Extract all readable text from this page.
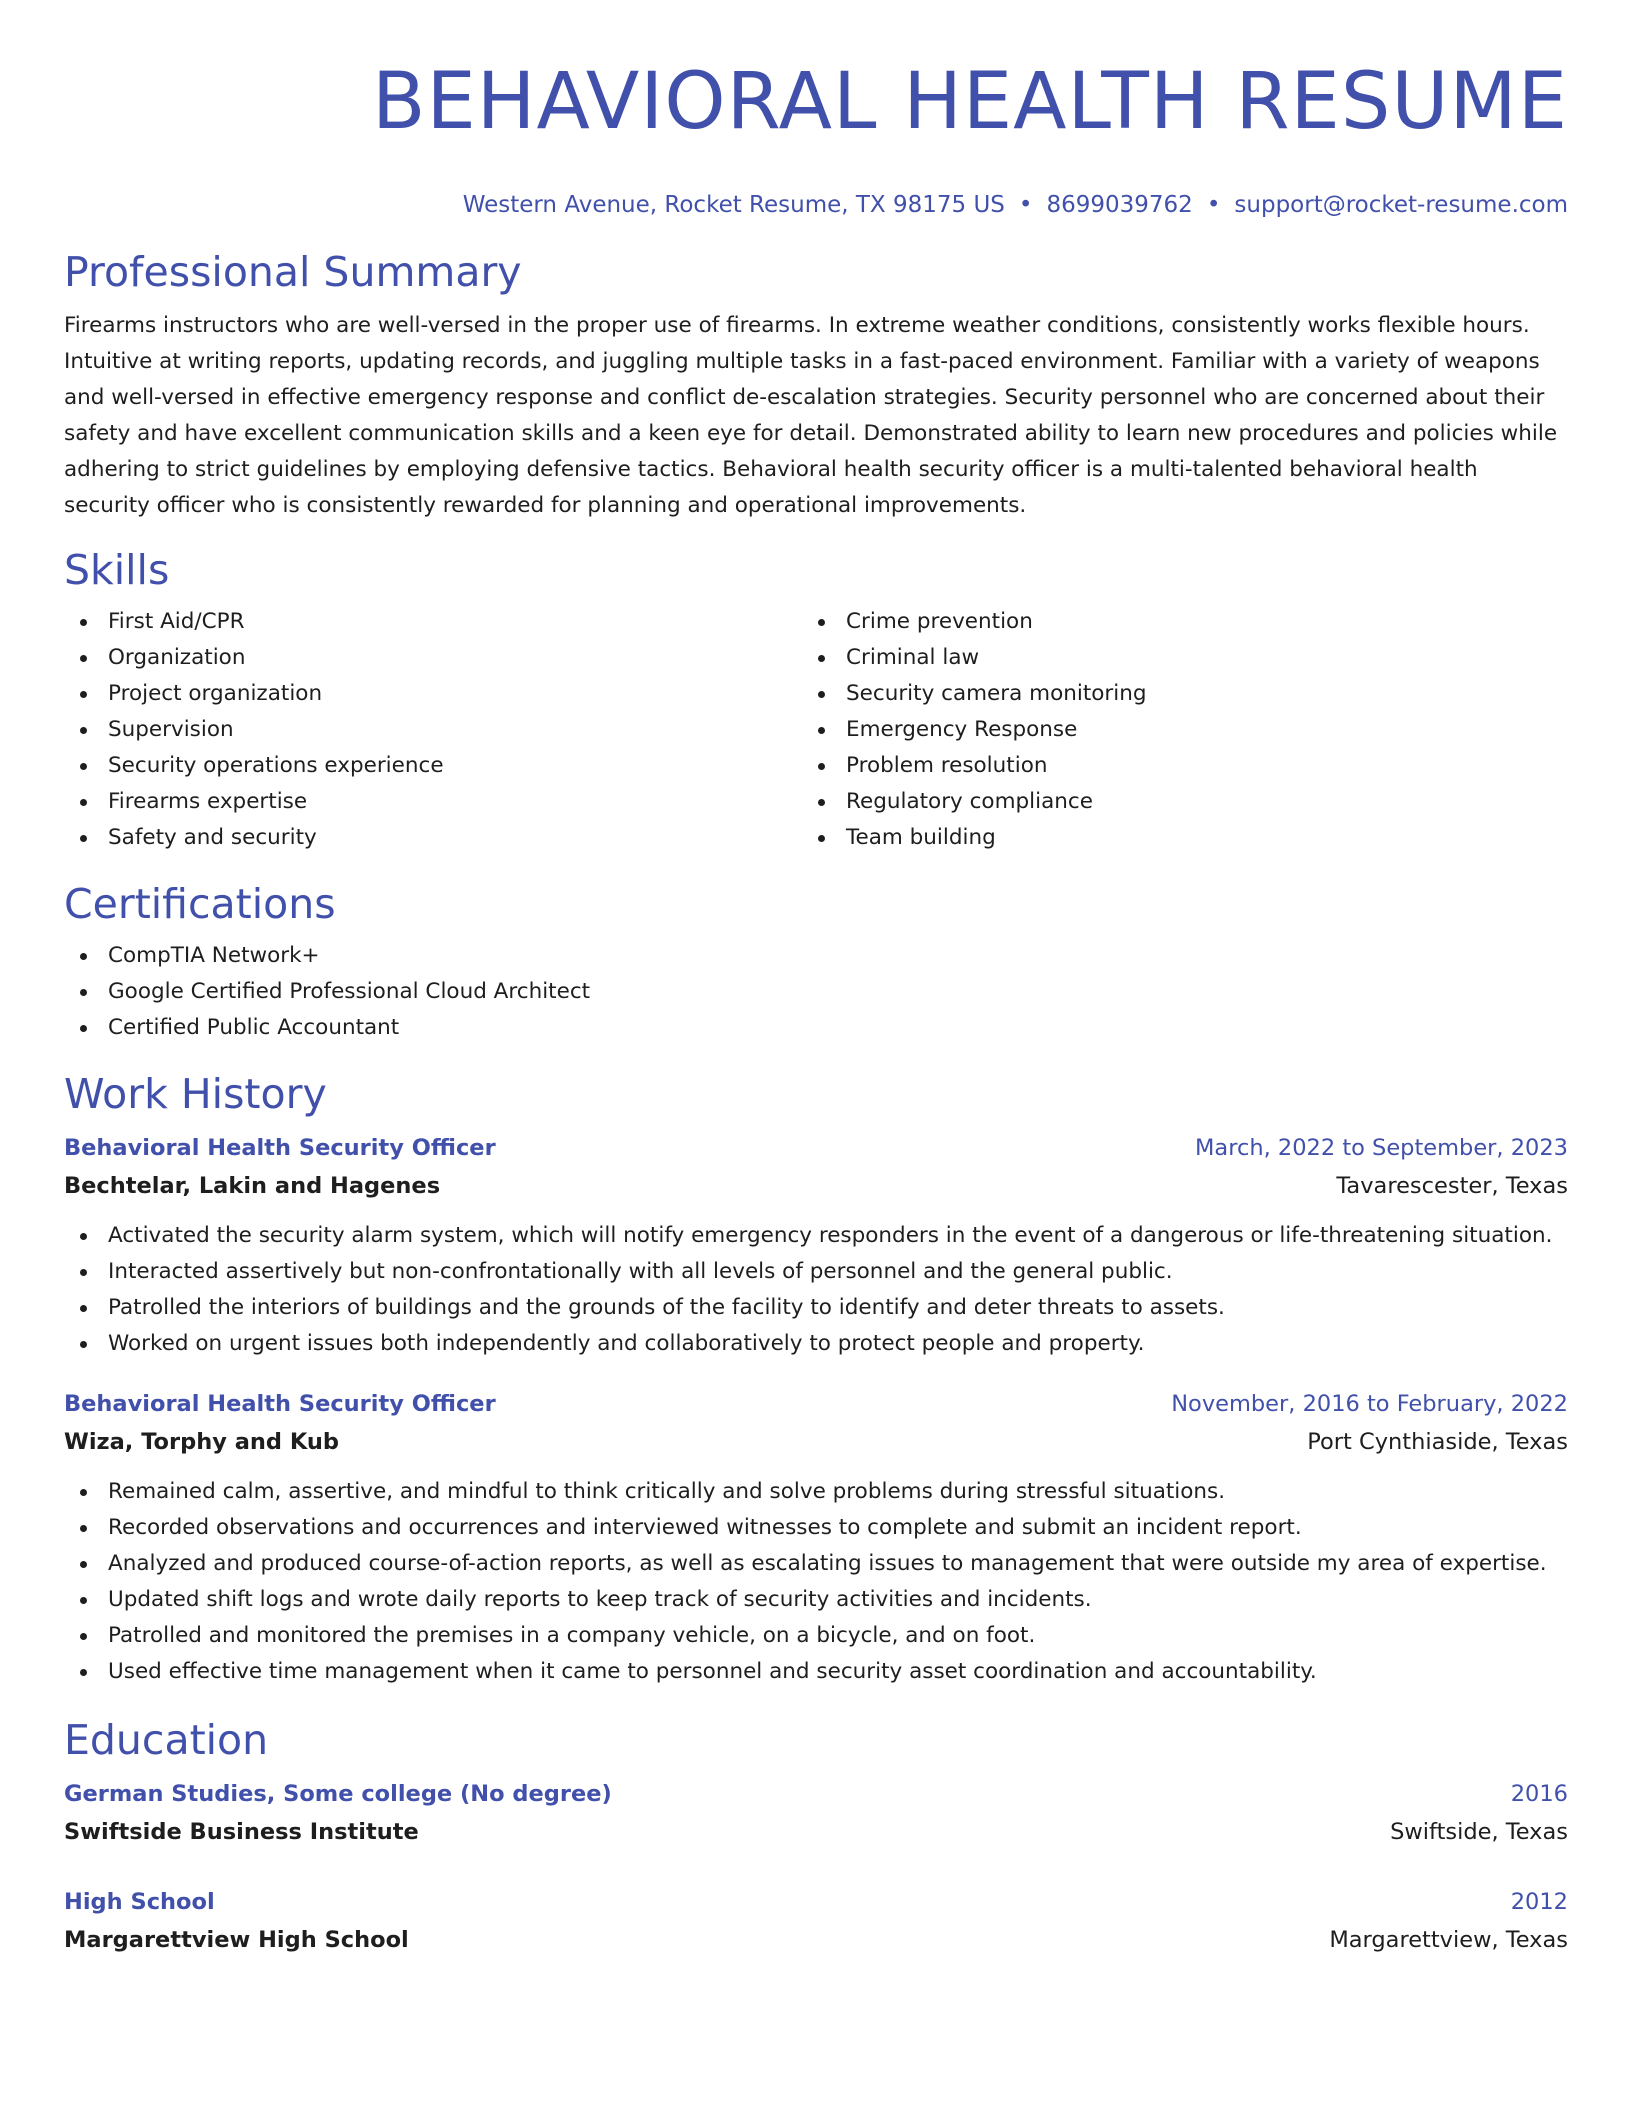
BEHAVIORAL HEALTH RESUME
Western Avenue, Rocket Resume, TX 98175 US • 8699039762 • support@rocket-resume.com
Professional Summary

Firearms instructors who are well-versed in the proper use of firearms. In extreme weather conditions, consistently works flexible hours. Intuitive at writing reports, updating records, and juggling multiple tasks in a fast-paced environment. Familiar with a variety of weapons and well-versed in effective emergency response and conflict de-escalation strategies. Security personnel who are concerned about their safety and have excellent communication skills and a keen eye for detail. Demonstrated ability to learn new procedures and policies while adhering to strict guidelines by employing defensive tactics. Behavioral health security officer is a multi-talented behavioral health security officer who is consistently rewarded for planning and operational improvements.

Skills
First Aid/CPR
Organization
Project organization
Supervision
Security operations experience
Firearms expertise
Safety and security
Crime prevention
Criminal law
Security camera monitoring
Emergency Response
Problem resolution
Regulatory compliance
Team building
Certifications
CompTIA Network+
Google Certified Professional Cloud Architect
Certified Public Accountant
Work History
Behavioral Health Security Officer	March, 2022 to September, 2023
Bechtelar, Lakin and Hagenes	Tavarescester, Texas
Activated the security alarm system, which will notify emergency responders in the event of a dangerous or life-threatening situation.
Interacted assertively but non-confrontationally with all levels of personnel and the general public.
Patrolled the interiors of buildings and the grounds of the facility to identify and deter threats to assets.
Worked on urgent issues both independently and collaboratively to protect people and property.
Behavioral Health Security Officer	November, 2016 to February, 2022
Wiza, Torphy and Kub	Port Cynthiaside, Texas
Remained calm, assertive, and mindful to think critically and solve problems during stressful situations.
Recorded observations and occurrences and interviewed witnesses to complete and submit an incident report.
Analyzed and produced course-of-action reports, as well as escalating issues to management that were outside my area of expertise.
Updated shift logs and wrote daily reports to keep track of security activities and incidents.
Patrolled and monitored the premises in a company vehicle, on a bicycle, and on foot.
Used effective time management when it came to personnel and security asset coordination and accountability.
Education
German Studies, Some college (No degree)	2016
Swiftside Business Institute	Swiftside, Texas
High School	2012
Margarettview High School	Margarettview, Texas
